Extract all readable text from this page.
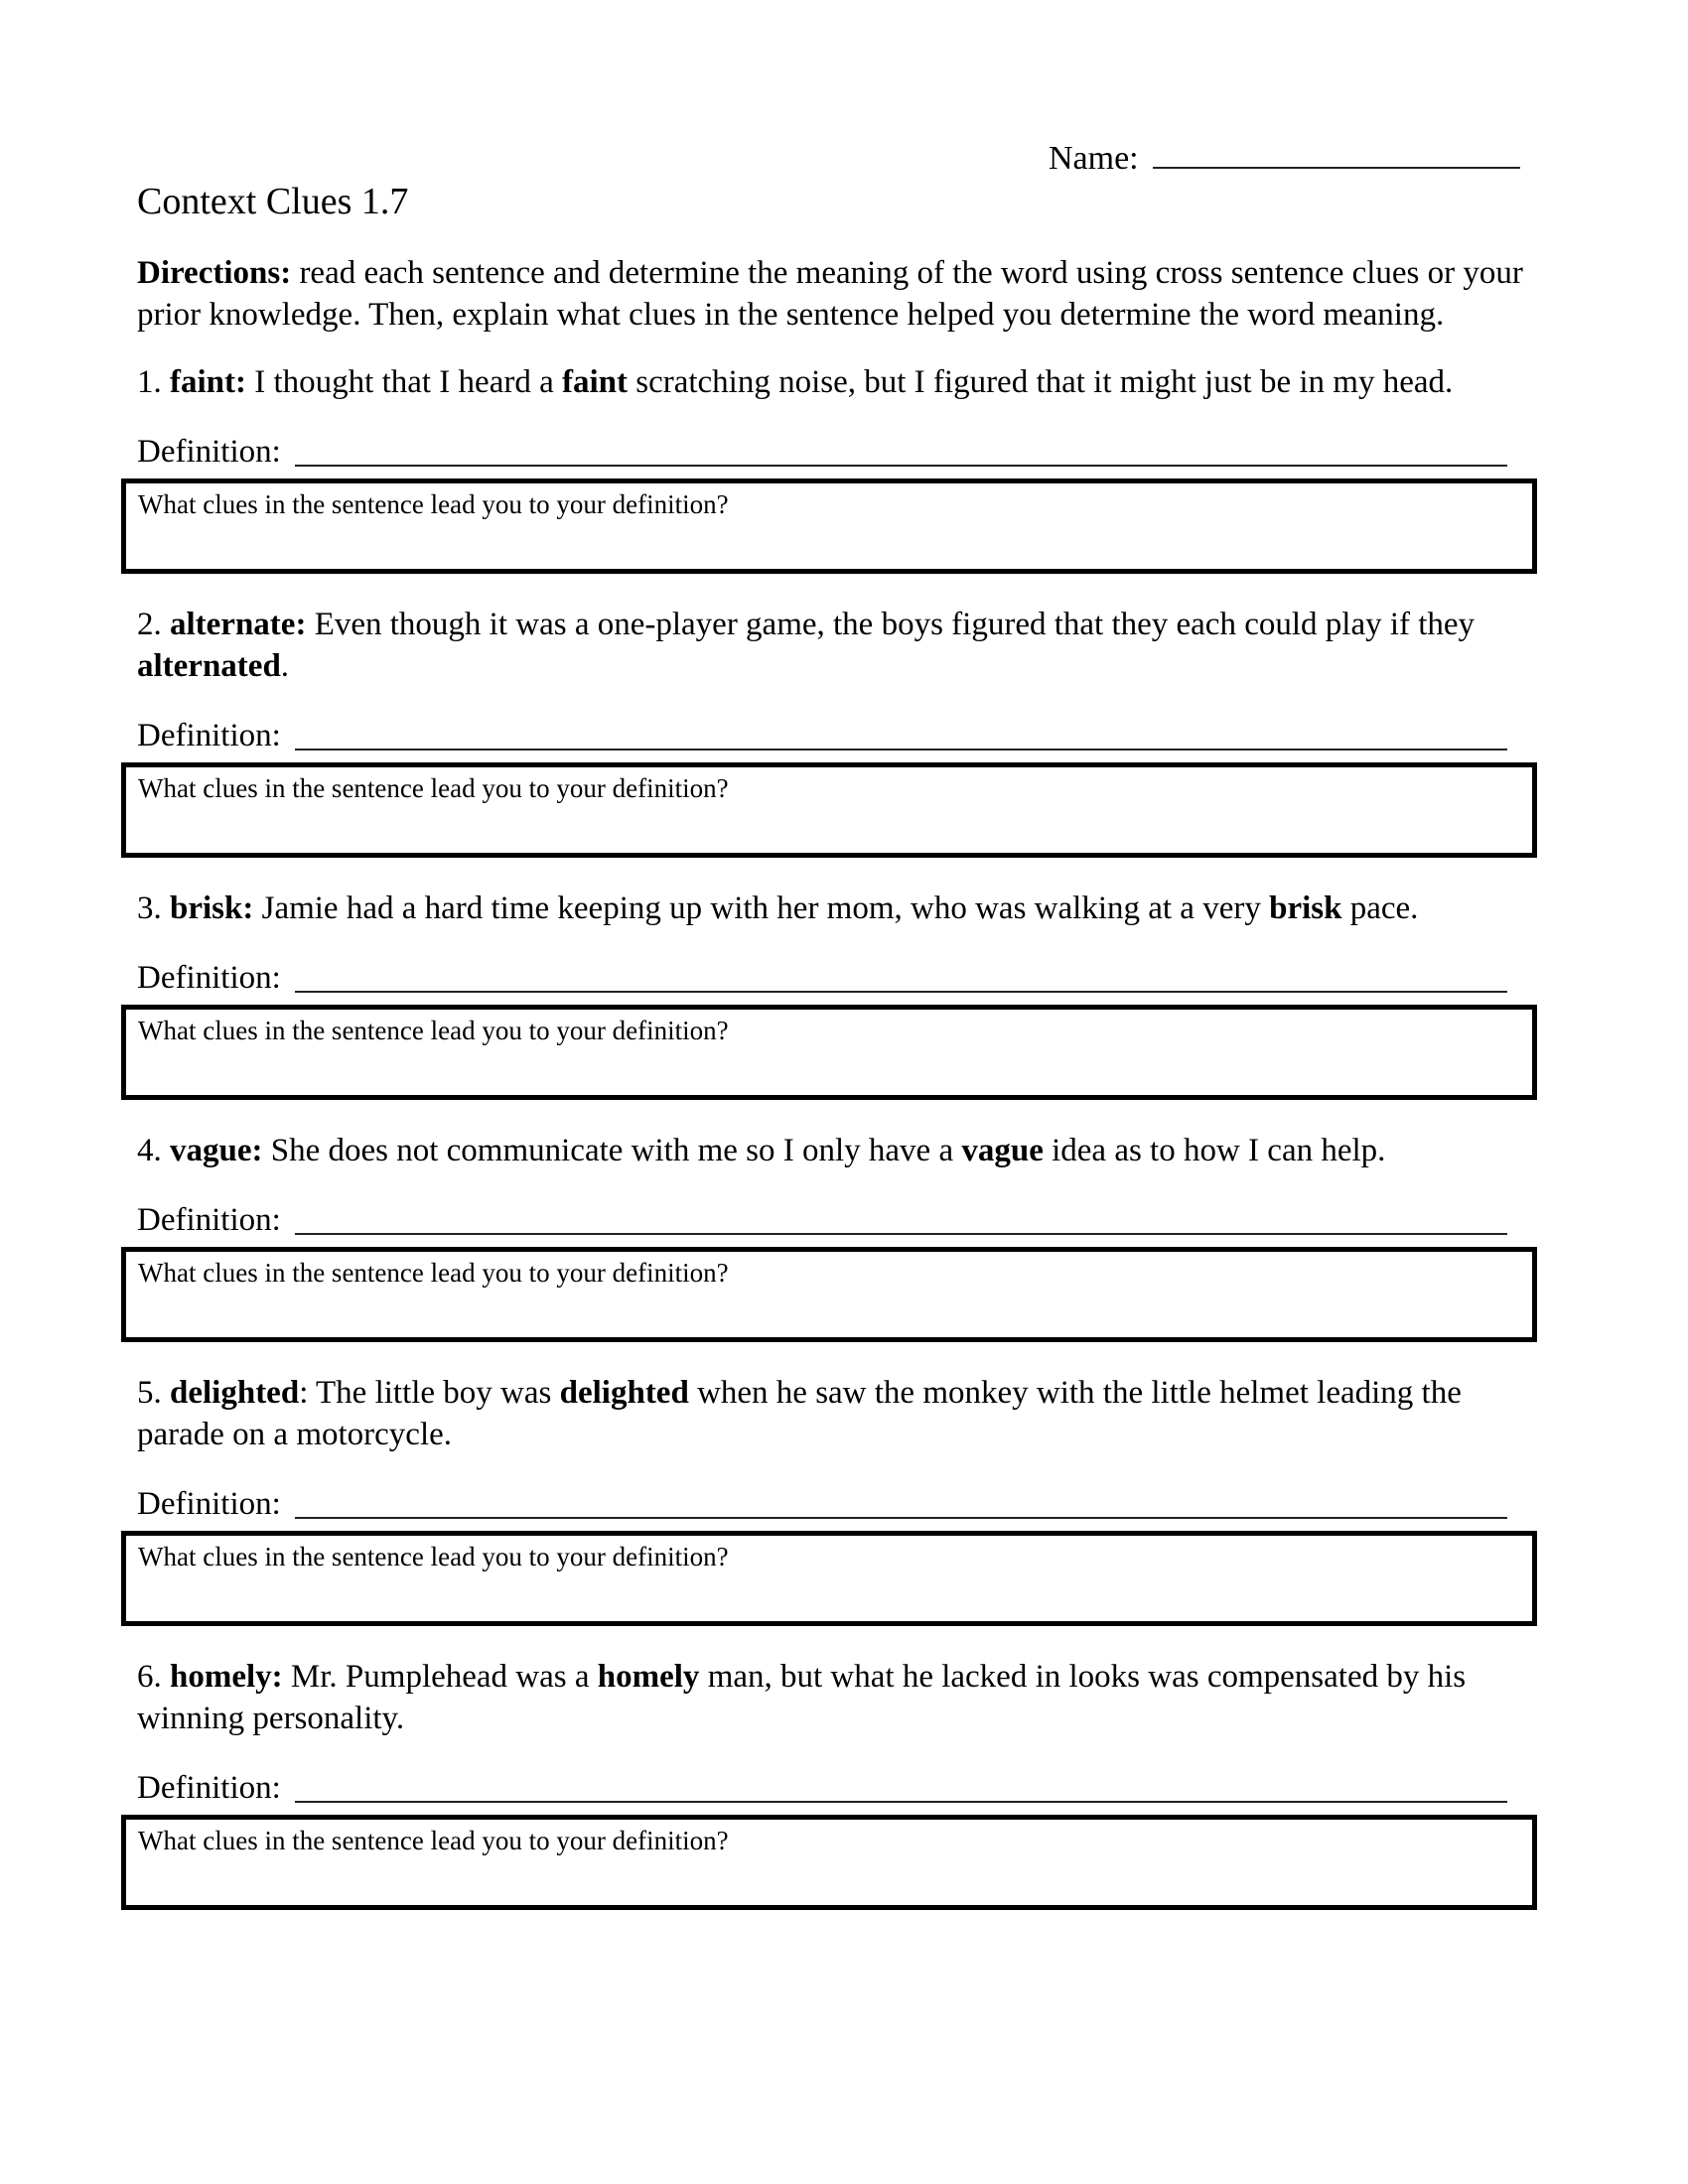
Name:
Context Clues 1.7

Directions: read each sentence and determine the meaning of the word using cross sentence clues or your prior knowledge. Then, explain what clues in the sentence helped you determine the word meaning.

1. faint: I thought that I heard a faint scratching noise, but I figured that it might just be in my head.

Definition:
What clues in the sentence lead you to your definition?

2. alternate: Even though it was a one-player game, the boys figured that they each could play if they alternated.

Definition:
What clues in the sentence lead you to your definition?

3. brisk: Jamie had a hard time keeping up with her mom, who was walking at a very brisk pace.

Definition:
What clues in the sentence lead you to your definition?

4. vague: She does not communicate with me so I only have a vague idea as to how I can help.

Definition:
What clues in the sentence lead you to your definition?

5. delighted: The little boy was delighted when he saw the monkey with the little helmet leading the parade on a motorcycle.

Definition:
What clues in the sentence lead you to your definition?

6. homely: Mr. Pumplehead was a homely man, but what he lacked in looks was compensated by his winning personality.

Definition:
What clues in the sentence lead you to your definition?
